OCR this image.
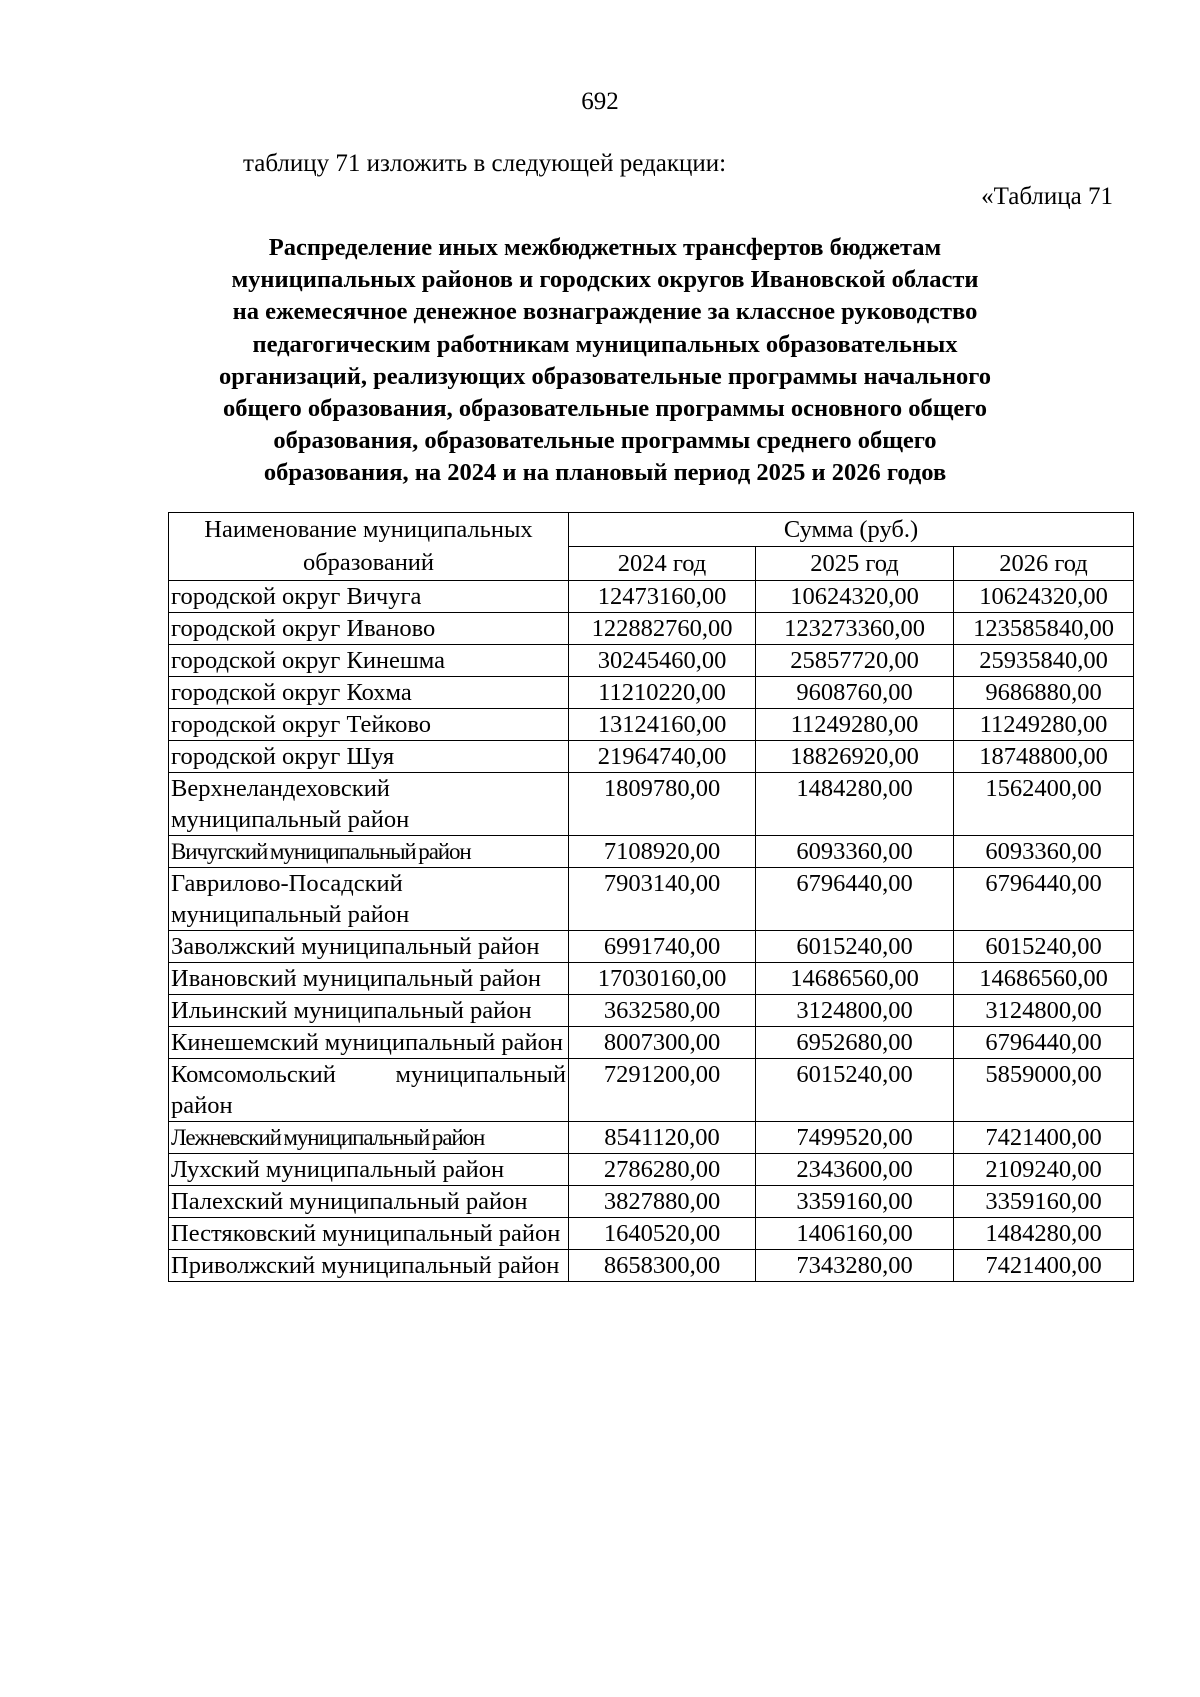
692
таблицу 71 изложить в следующей редакции:
«Таблица 71
Распределение иных межбюджетных трансфертов бюджетам
муниципальных районов и городских округов Ивановской области
на ежемесячное денежное вознаграждение за классное руководство
педагогическим работникам муниципальных образовательных
организаций, реализующих образовательные программы начального
общего образования, образовательные программы основного общего
образования, образовательные программы среднего общего
образования, на 2024 и на плановый период 2025 и 2026 годов
Наименование муниципальных образований	Сумма (руб.)		
	2024 год	2025 год	2026 год
городской округ Вичуга	12473160,00	10624320,00	10624320,00
городской округ Иваново	122882760,00	123273360,00	123585840,00
городской округ Кинешма	30245460,00	25857720,00	25935840,00
городской округ Кохма	11210220,00	9608760,00	9686880,00
городской округ Тейково	13124160,00	11249280,00	11249280,00
городской округ Шуя	21964740,00	18826920,00	18748800,00
Верхнеландеховский муниципальный район	1809780,00	1484280,00	1562400,00
Вичугский муниципальный район	7108920,00	6093360,00	6093360,00
Гаврилово-Посадский муниципальный район	7903140,00	6796440,00	6796440,00
Заволжский муниципальный район	6991740,00	6015240,00	6015240,00
Ивановский муниципальный район	17030160,00	14686560,00	14686560,00
Ильинский муниципальный район	3632580,00	3124800,00	3124800,00
Кинешемский муниципальный район	8007300,00	6952680,00	6796440,00
Комсомольский муниципальный район	7291200,00	6015240,00	5859000,00
Лежневский муниципальный район	8541120,00	7499520,00	7421400,00
Лухский муниципальный район	2786280,00	2343600,00	2109240,00
Палехский муниципальный район	3827880,00	3359160,00	3359160,00
Пестяковский муниципальный район	1640520,00	1406160,00	1484280,00
Приволжский муниципальный район	8658300,00	7343280,00	7421400,00
